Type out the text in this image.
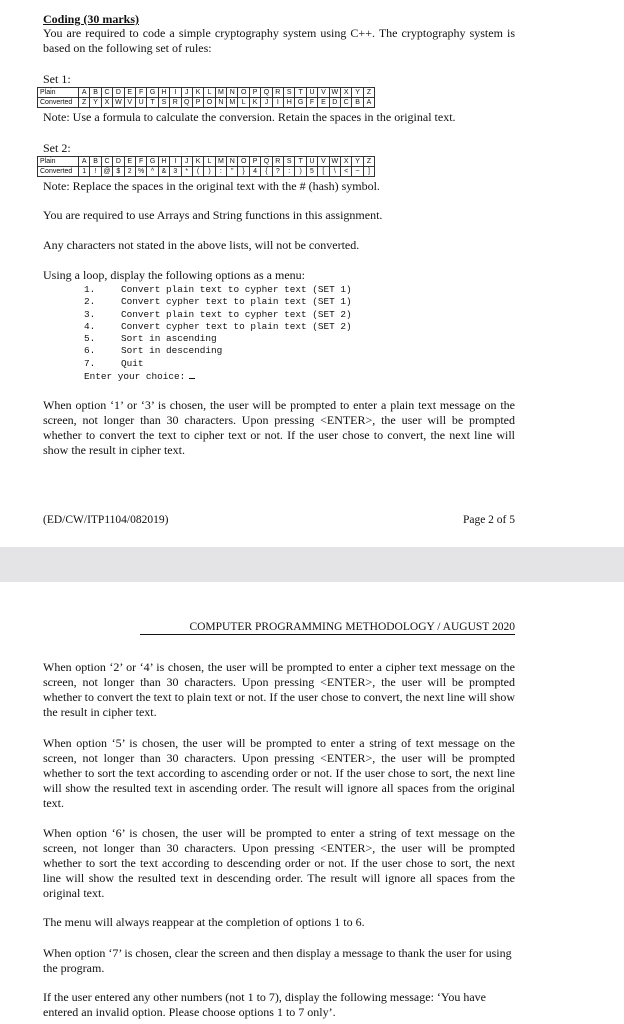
Coding (30 marks)
You are required to code a simple cryptography system using C++. The cryptography system is based on the following set of rules:
Set 1:
Plain	A	B	C	D	E	F	G	H	I	J	K	L	M	N	O	P	Q	R	S	T	U	V	W	X	Y	Z
Converted	Z	Y	X	W	V	U	T	S	R	Q	P	O	N	M	L	K	J	I	H	G	F	E	D	C	B	A
Note: Use a formula to calculate the conversion. Retain the spaces in the original text.
Set 2:
Plain	A	B	C	D	E	F	G	H	I	J	K	L	M	N	O	P	Q	R	S	T	U	V	W	X	Y	Z
Converted	1	!	@	$	2	%	^	&	3	*	(	)	:	"	}	4	{	?	:	)	5	[	\	<	~	]
Note: Replace the spaces in the original text with the # (hash) symbol.
You are required to use Arrays and String functions in this assignment.
Any characters not stated in the above lists, will not be converted.
Using a loop, display the following options as a menu:
1.	Convert plain text to cypher text (SET 1)
2.	Convert cypher text to plain text (SET 1)
3.	Convert plain text to cypher text (SET 2)
4.	Convert cypher text to plain text (SET 2)
5.	Sort in ascending
6.	Sort in descending
7.	Quit
Enter your choice:
When option ‘1’ or ‘3’ is chosen, the user will be prompted to enter a plain text message on the screen, not longer than 30 characters. Upon pressing <ENTER>, the user will be prompted whether to convert the text to cipher text or not. If the user chose to convert, the next line will show the result in cipher text.
(ED/CW/ITP1104/082019)	Page 2 of 5
COMPUTER PROGRAMMING METHODOLOGY / AUGUST 2020
When option ‘2’ or ‘4’ is chosen, the user will be prompted to enter a cipher text message on the screen, not longer than 30 characters. Upon pressing <ENTER>, the user will be prompted whether to convert the text to plain text or not. If the user chose to convert, the next line will show the result in cipher text.
When option ‘5’ is chosen, the user will be prompted to enter a string of text message on the screen, not longer than 30 characters. Upon pressing <ENTER>, the user will be prompted whether to sort the text according to ascending order or not. If the user chose to sort, the next line will show the resulted text in ascending order. The result will ignore all spaces from the original text.
When option ‘6’ is chosen, the user will be prompted to enter a string of text message on the screen, not longer than 30 characters. Upon pressing <ENTER>, the user will be prompted whether to sort the text according to descending order or not. If the user chose to sort, the next line will show the resulted text in descending order. The result will ignore all spaces from the original text.
The menu will always reappear at the completion of options 1 to 6.
When option ‘7’ is chosen, clear the screen and then display a message to thank the user for using the program.
If the user entered any other numbers (not 1 to 7), display the following message: ‘You have entered an invalid option. Please choose options 1 to 7 only’.
